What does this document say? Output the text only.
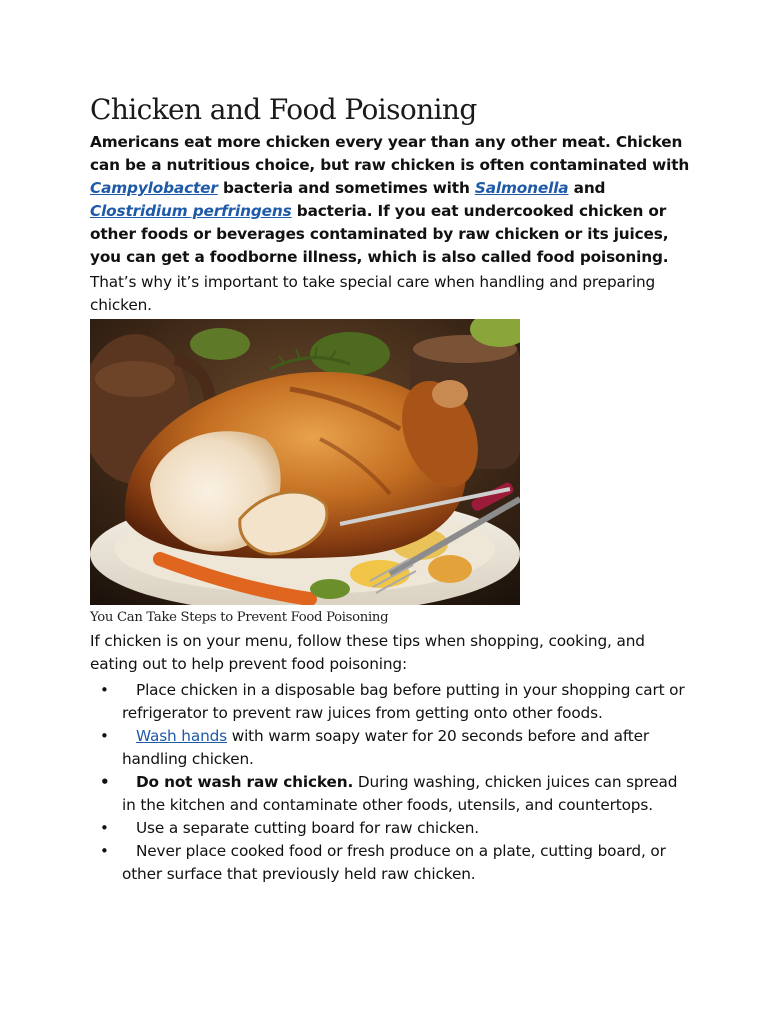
Chicken and Food Poisoning

Americans eat more chicken every year than any other meat. Chicken can be a nutritious choice, but raw chicken is often contaminated with Campylobacter bacteria and sometimes with Salmonella and Clostridium perfringens bacteria. If you eat undercooked chicken or other foods or beverages contaminated by raw chicken or its juices, you can get a foodborne illness, which is also called food poisoning.

That’s why it’s important to take special care when handling and preparing chicken.

You Can Take Steps to Prevent Food Poisoning

If chicken is on your menu, follow these tips when shopping, cooking, and eating out to help prevent food poisoning:

• Place chicken in a disposable bag before putting in your shopping cart or refrigerator to prevent raw juices from getting onto other foods.
• Wash hands with warm soapy water for 20 seconds before and after handling chicken.
• Do not wash raw chicken. During washing, chicken juices can spread in the kitchen and contaminate other foods, utensils, and countertops.
• Use a separate cutting board for raw chicken.
• Never place cooked food or fresh produce on a plate, cutting board, or other surface that previously held raw chicken.
